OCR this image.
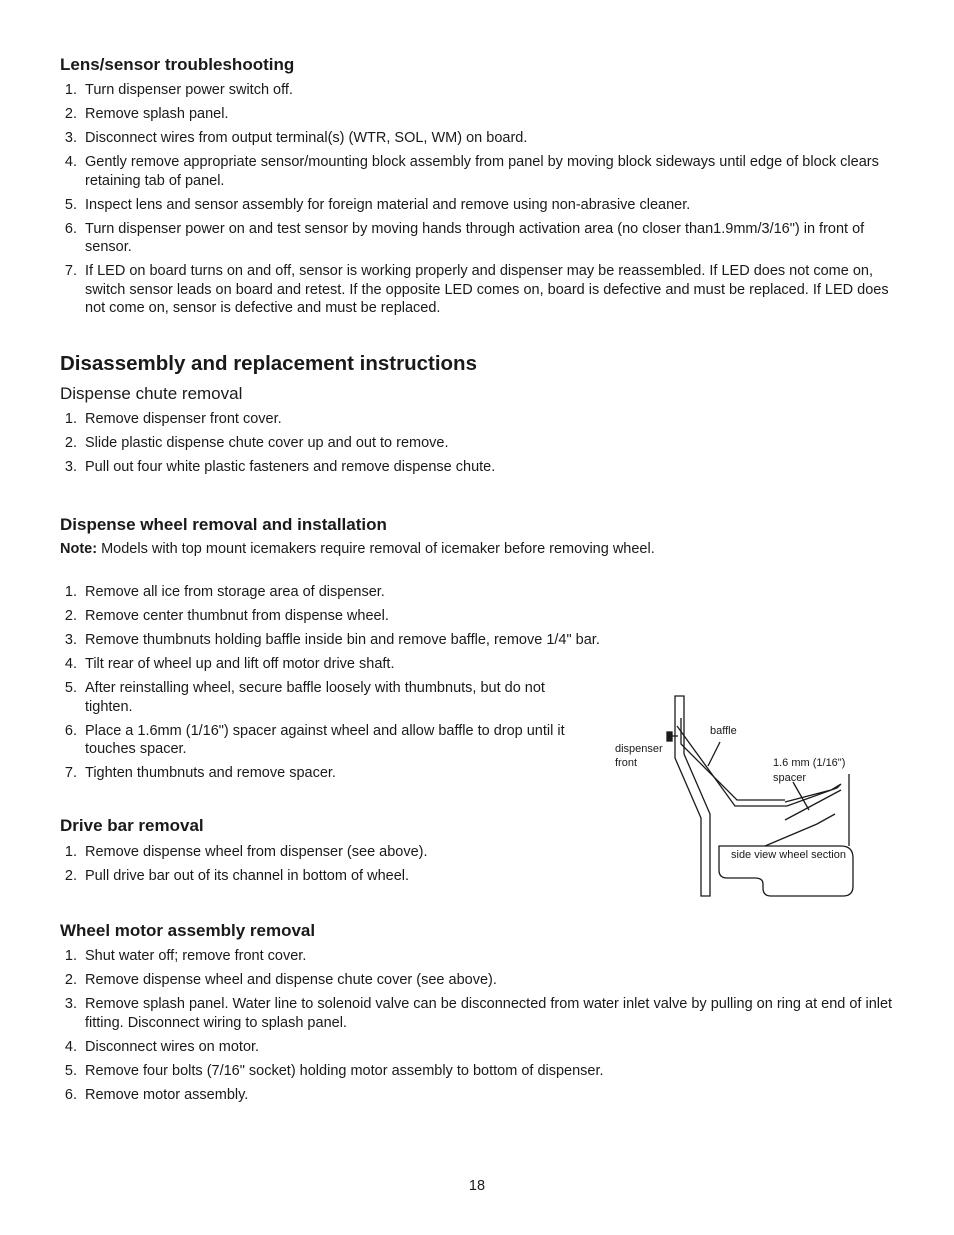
Lens/sensor troubleshooting
1. Turn dispenser power switch off.
2. Remove splash panel.
3. Disconnect wires from output terminal(s) (WTR, SOL, WM) on board.
4. Gently remove appropriate sensor/mounting block assembly from panel by moving block sideways until edge of block clears retaining tab of panel.
5. Inspect lens and sensor assembly for foreign material and remove using non-abrasive cleaner.
6. Turn dispenser power on and test sensor by moving hands through activation area (no closer than1.9mm/3/16") in front of sensor.
7. If LED on board turns on and off, sensor is working properly and dispenser may be reassembled. If LED does not come on, switch sensor leads on board and retest. If the opposite LED comes on, board is defective and must be replaced. If LED does not come on, sensor is defective and must be replaced.
Disassembly and replacement instructions
Dispense chute removal
1. Remove dispenser front cover.
2. Slide plastic dispense chute cover up and out to remove.
3. Pull out four white plastic fasteners and remove dispense chute.
Dispense wheel removal and installation

Note: Models with top mount icemakers require removal of icemaker before removing wheel.

1. Remove all ice from storage area of dispenser.
2. Remove center thumbnut from dispense wheel.
3. Remove thumbnuts holding baffle inside bin and remove baffle, remove 1/4" bar.
4. Tilt rear of wheel up and lift off motor drive shaft.
5. After reinstalling wheel, secure baffle loosely with thumbnuts, but do not tighten.
6. Place a 1.6mm (1/16") spacer against wheel and allow baffle to drop until it touches spacer.
7. Tighten thumbnuts and remove spacer.
dispenser
front
baffle
1.6 mm (1/16")
spacer
side view wheel section
Drive bar removal
1. Remove dispense wheel from dispenser (see above).
2. Pull drive bar out of its channel in bottom of wheel.
Wheel motor assembly removal
1. Shut water off; remove front cover.
2. Remove dispense wheel and dispense chute cover (see above).
3. Remove splash panel. Water line to solenoid valve can be disconnected from water inlet valve by pulling on ring at end of inlet fitting. Disconnect wiring to splash panel.
4. Disconnect wires on motor.
5. Remove four bolts (7/16" socket) holding motor assembly to bottom of dispenser.
6. Remove motor assembly.
18
